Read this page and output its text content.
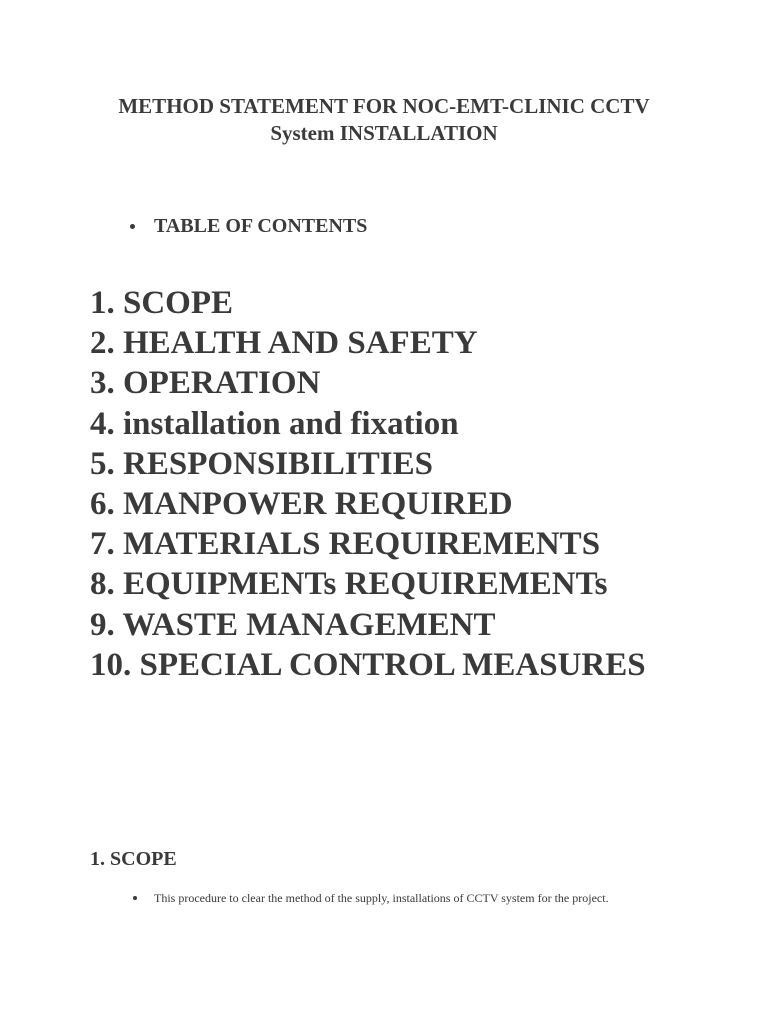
METHOD STATEMENT FOR NOC-EMT-CLINIC CCTV
System INSTALLATION
TABLE OF CONTENTS
1. SCOPE
2. HEALTH AND SAFETY
3. OPERATION
4. installation and fixation
5. RESPONSIBILITIES
6. MANPOWER REQUIRED
7. MATERIALS REQUIREMENTS
8. EQUIPMENTs REQUIREMENTs
9. WASTE MANAGEMENT
10. SPECIAL CONTROL MEASURES
1. SCOPE
This procedure to clear the method of the supply, installations of CCTV system for the project.
